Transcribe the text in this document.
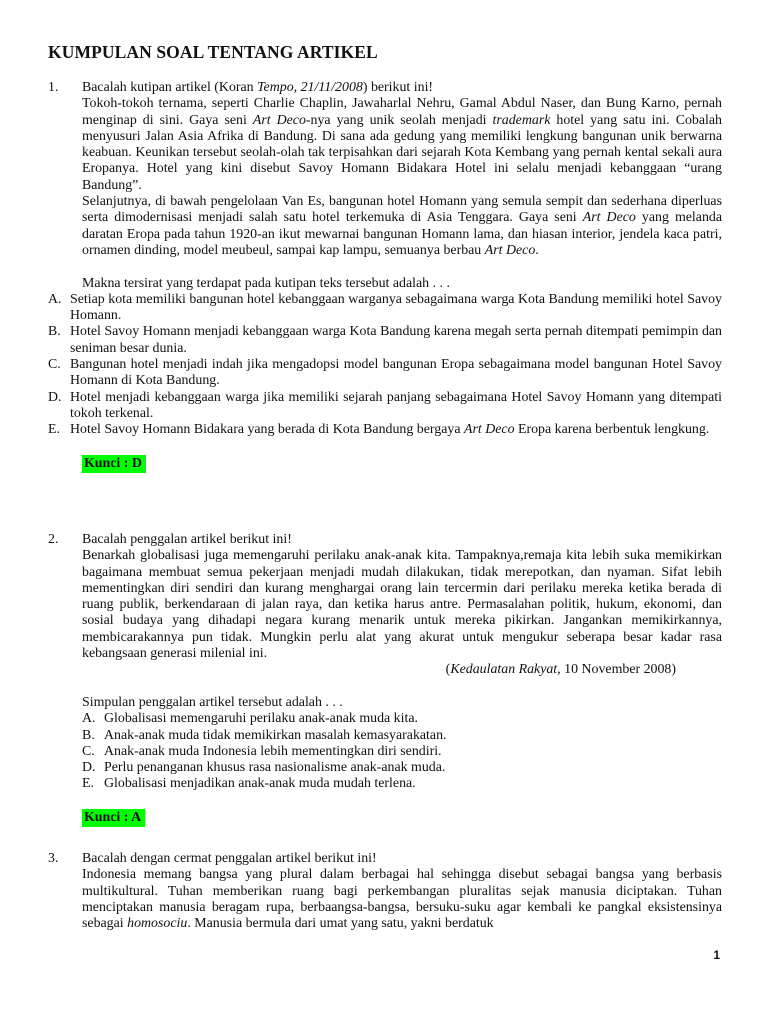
KUMPULAN SOAL TENTANG ARTIKEL
1. Bacalah kutipan artikel (Koran Tempo, 21/11/2008) berikut ini!
Tokoh-tokoh ternama, seperti Charlie Chaplin, Jawaharlal Nehru, Gamal Abdul Naser, dan Bung Karno, pernah menginap di sini. Gaya seni Art Deco-nya yang unik seolah menjadi trademark hotel yang satu ini. Cobalah menyusuri Jalan Asia Afrika di Bandung. Di sana ada gedung yang memiliki lengkung bangunan unik berwarna keabuan. Keunikan tersebut seolah-olah tak terpisahkan dari sejarah Kota Kembang yang pernah kental sekali aura Eropanya. Hotel yang kini disebut Savoy Homann Bidakara Hotel ini selalu menjadi kebanggaan “urang Bandung”.
Selanjutnya, di bawah pengelolaan Van Es, bangunan hotel Homann yang semula sempit dan sederhana diperluas serta dimodernisasi menjadi salah satu hotel terkemuka di Asia Tenggara. Gaya seni Art Deco yang melanda daratan Eropa pada tahun 1920-an ikut mewarnai bangunan Homann lama, dan hiasan interior, jendela kaca patri, ornamen dinding, model meubeul, sampai kap lampu, semuanya berbau Art Deco.
Makna tersirat yang terdapat pada kutipan teks tersebut adalah . . .
A. Setiap kota memiliki bangunan hotel kebanggaan warganya sebagaimana warga Kota Bandung memiliki hotel Savoy Homann.
B. Hotel Savoy Homann menjadi kebanggaan warga Kota Bandung karena megah serta pernah ditempati pemimpin dan seniman besar dunia.
C. Bangunan hotel menjadi indah jika mengadopsi model bangunan Eropa sebagaimana model bangunan Hotel Savoy Homann di Kota Bandung.
D. Hotel menjadi kebanggaan warga jika memiliki sejarah panjang sebagaimana Hotel Savoy Homann yang ditempati tokoh terkenal.
E. Hotel Savoy Homann Bidakara yang berada di Kota Bandung bergaya Art Deco Eropa karena berbentuk lengkung.
Kunci : D
2. Bacalah penggalan artikel berikut ini!
Benarkah globalisasi juga memengaruhi perilaku anak-anak kita. Tampaknya,remaja kita lebih suka memikirkan bagaimana membuat semua pekerjaan menjadi mudah dilakukan, tidak merepotkan, dan nyaman. Sifat lebih mementingkan diri sendiri dan kurang menghargai orang lain tercermin dari perilaku mereka ketika berada di ruang publik, berkendaraan di jalan raya, dan ketika harus antre. Permasalahan politik, hukum, ekonomi, dan sosial budaya yang dihadapi negara kurang menarik untuk mereka pikirkan. Jangankan memikirkannya, membicarakannya pun tidak. Mungkin perlu alat yang akurat untuk mengukur seberapa besar kadar rasa kebangsaan generasi milenial ini.
(Kedaulatan Rakyat, 10 November 2008)
Simpulan penggalan artikel tersebut adalah . . .
A. Globalisasi memengaruhi perilaku anak-anak muda kita.
B. Anak-anak muda tidak memikirkan masalah kemasyarakatan.
C. Anak-anak muda Indonesia lebih mementingkan diri sendiri.
D. Perlu penanganan khusus rasa nasionalisme anak-anak muda.
E. Globalisasi menjadikan anak-anak muda mudah terlena.
Kunci : A
3. Bacalah dengan cermat penggalan artikel berikut ini!
Indonesia memang bangsa yang plural dalam berbagai hal sehingga disebut sebagai bangsa yang berbasis multikultural. Tuhan memberikan ruang bagi perkembangan pluralitas sejak manusia diciptakan. Tuhan menciptakan manusia beragam rupa, berbaangsa-bangsa, bersuku-suku agar kembali ke pangkal eksistensinya sebagai homosociu. Manusia bermula dari umat yang satu, yakni berdatuk
1
